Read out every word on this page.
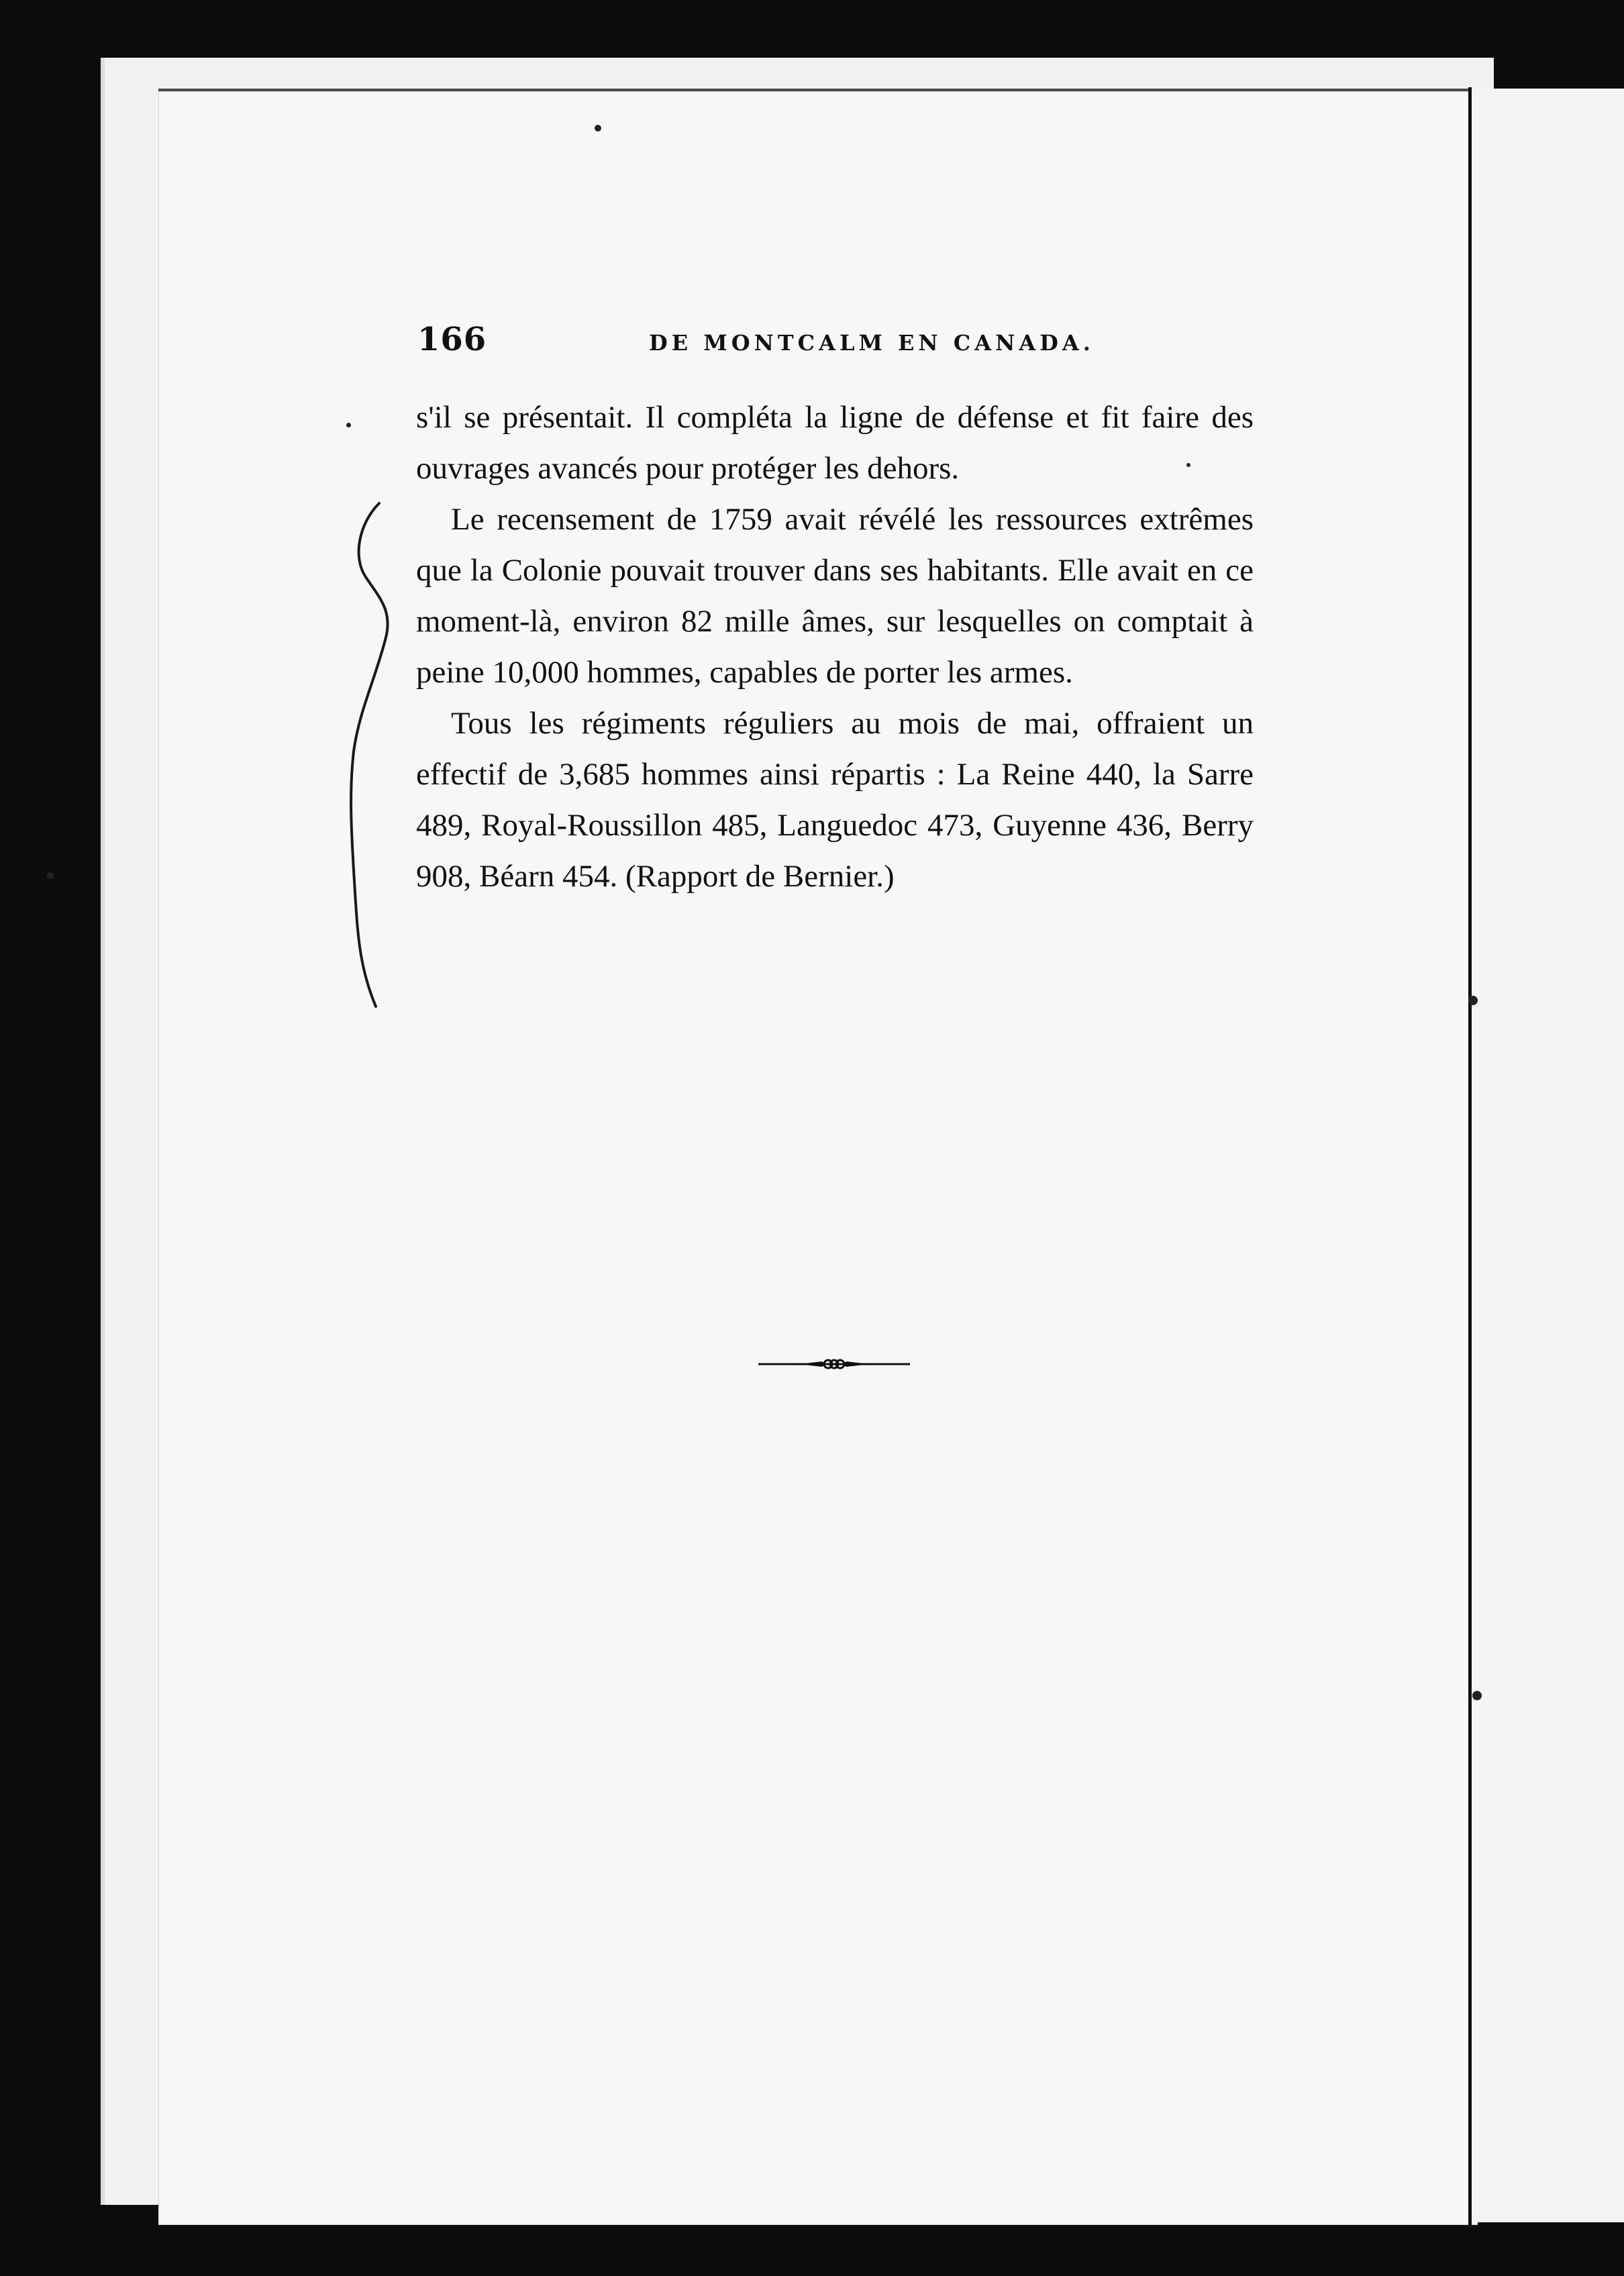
166	DE MONTCALM EN CANADA.

s'il se présentait. Il compléta la ligne de défense et fit faire des ouvrages avancés pour protéger les dehors.

Le recensement de 1759 avait révélé les ressources extrêmes que la Colonie pouvait trouver dans ses habitants. Elle avait en ce moment-là, environ 82 mille âmes, sur lesquelles on comptait à peine 10,000 hommes, capables de porter les armes.

Tous les régiments réguliers au mois de mai, offraient un effectif de 3,685 hommes ainsi répartis : La Reine 440, la Sarre 489, Royal-Roussillon 485, Languedoc 473, Guyenne 436, Berry 908, Béarn 454. (Rapport de Bernier.)
